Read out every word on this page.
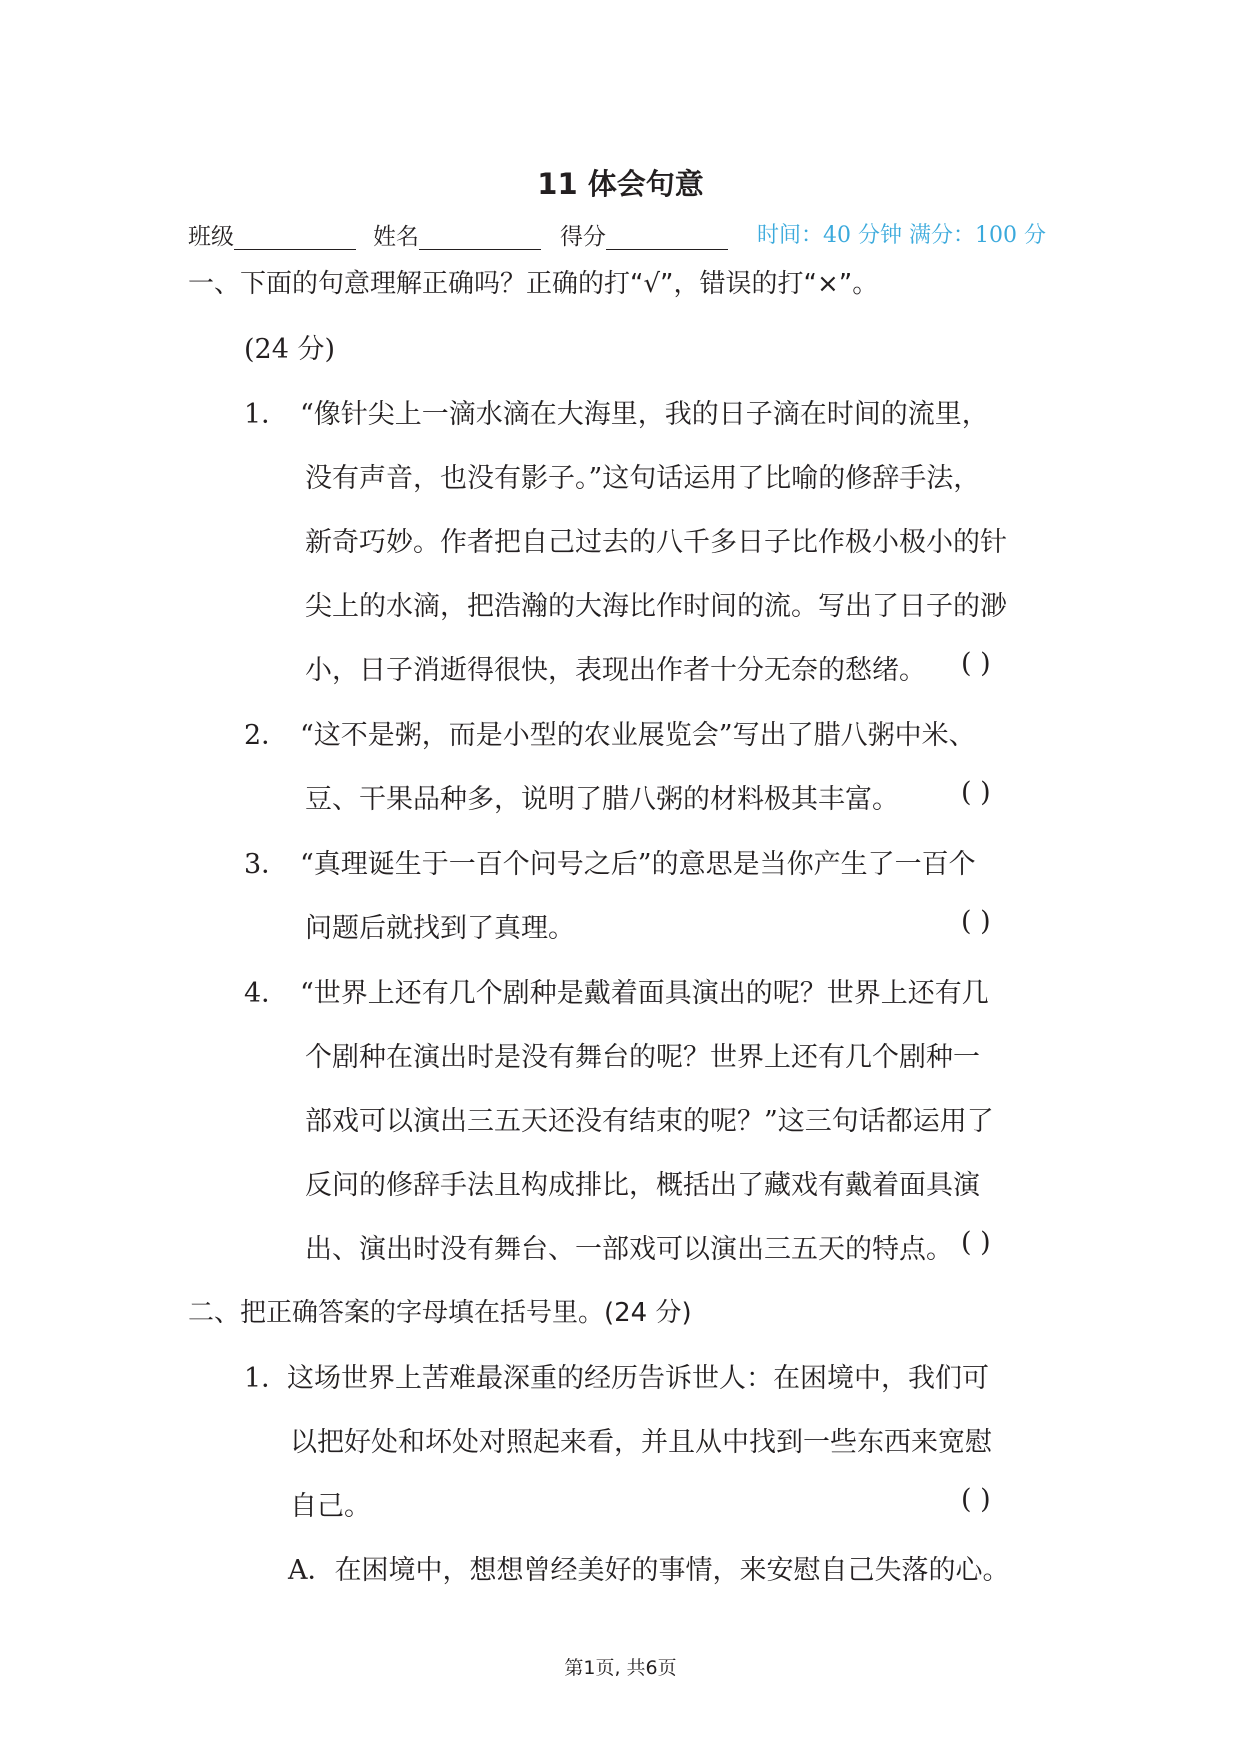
11 体会句意
班级	姓名	得分	时间：40 分钟 满分：100 分
一、下面的句意理解正确吗？正确的打“√”，错误的打“×”。
(24 分)
1． “像针尖上一滴水滴在大海里，我的日子滴在时间的流里，
没有声音，也没有影子。”这句话运用了比喻的修辞手法，
新奇巧妙。作者把自己过去的八千多日子比作极小极小的针
尖上的水滴，把浩瀚的大海比作时间的流。写出了日子的渺
小，日子消逝得很快，表现出作者十分无奈的愁绪。 ( )
2． “这不是粥，而是小型的农业展览会”写出了腊八粥中米、
豆、干果品种多，说明了腊八粥的材料极其丰富。 ( )
3． “真理诞生于一百个问号之后”的意思是当你产生了一百个
问题后就找到了真理。	( )
4． “世界上还有几个剧种是戴着面具演出的呢？世界上还有几
个剧种在演出时是没有舞台的呢？世界上还有几个剧种一
部戏可以演出三五天还没有结束的呢？”这三句话都运用了
反问的修辞手法且构成排比，概括出了藏戏有戴着面具演
出、演出时没有舞台、一部戏可以演出三五天的特点。 ( )
二、把正确答案的字母填在括号里。(24 分)
1．
这场世界上苦难最深重的经历告诉世人：在困境中，我们可
以把好处和坏处对照起来看，并且从中找到一些东西来宽慰
自己。	( )
A．在困境中，想想曾经美好的事情，来安慰自己失落的心。
第1页, 共6页
